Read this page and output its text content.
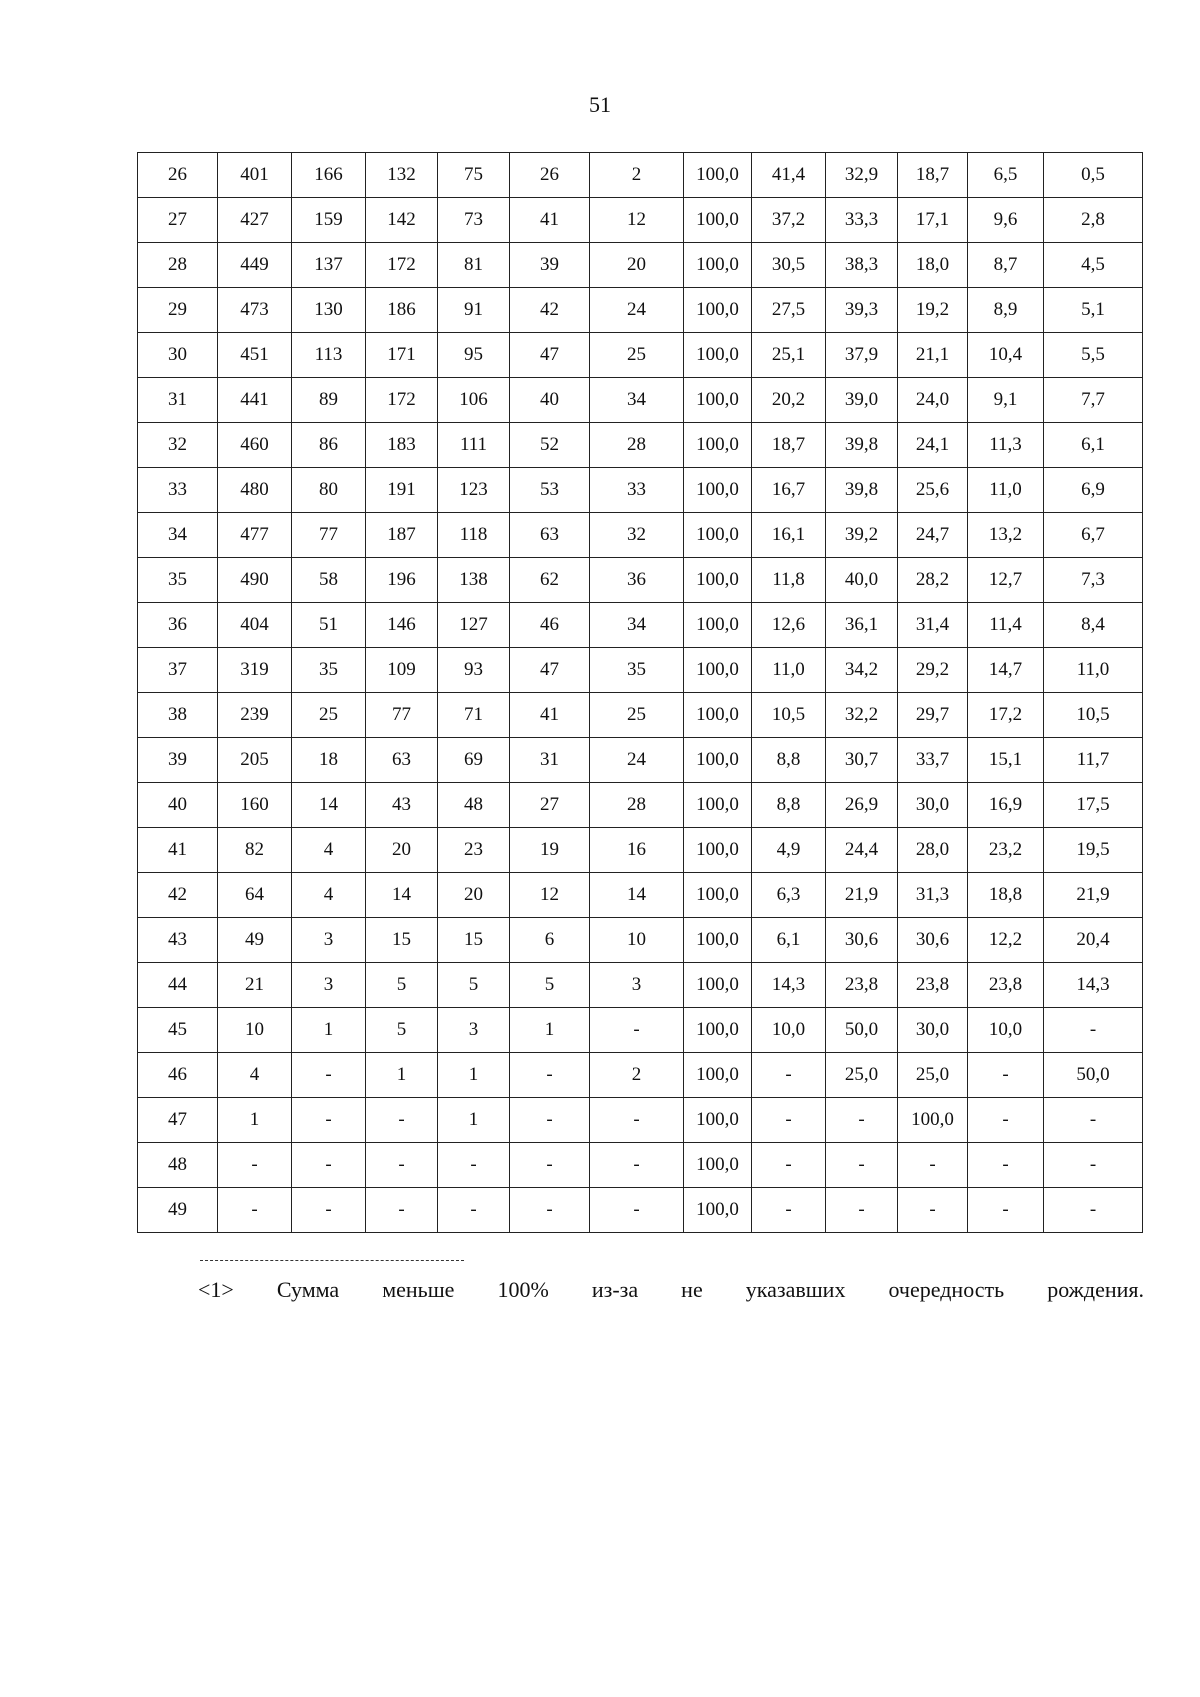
51
26	401	166	132	75	26	2	100,0	41,4	32,9	18,7	6,5	0,5
27	427	159	142	73	41	12	100,0	37,2	33,3	17,1	9,6	2,8
28	449	137	172	81	39	20	100,0	30,5	38,3	18,0	8,7	4,5
29	473	130	186	91	42	24	100,0	27,5	39,3	19,2	8,9	5,1
30	451	113	171	95	47	25	100,0	25,1	37,9	21,1	10,4	5,5
31	441	89	172	106	40	34	100,0	20,2	39,0	24,0	9,1	7,7
32	460	86	183	111	52	28	100,0	18,7	39,8	24,1	11,3	6,1
33	480	80	191	123	53	33	100,0	16,7	39,8	25,6	11,0	6,9
34	477	77	187	118	63	32	100,0	16,1	39,2	24,7	13,2	6,7
35	490	58	196	138	62	36	100,0	11,8	40,0	28,2	12,7	7,3
36	404	51	146	127	46	34	100,0	12,6	36,1	31,4	11,4	8,4
37	319	35	109	93	47	35	100,0	11,0	34,2	29,2	14,7	11,0
38	239	25	77	71	41	25	100,0	10,5	32,2	29,7	17,2	10,5
39	205	18	63	69	31	24	100,0	8,8	30,7	33,7	15,1	11,7
40	160	14	43	48	27	28	100,0	8,8	26,9	30,0	16,9	17,5
41	82	4	20	23	19	16	100,0	4,9	24,4	28,0	23,2	19,5
42	64	4	14	20	12	14	100,0	6,3	21,9	31,3	18,8	21,9
43	49	3	15	15	6	10	100,0	6,1	30,6	30,6	12,2	20,4
44	21	3	5	5	5	3	100,0	14,3	23,8	23,8	23,8	14,3
45	10	1	5	3	1	-	100,0	10,0	50,0	30,0	10,0	-
46	4	-	1	1	-	2	100,0	-	25,0	25,0	-	50,0
47	1	-	-	1	-	-	100,0	-	-	100,0	-	-
48	-	-	-	-	-	-	100,0	-	-	-	-	-
49	-	-	-	-	-	-	100,0	-	-	-	-	-
<1> Сумма меньше 100% из-за не указавших очередность рождения.
